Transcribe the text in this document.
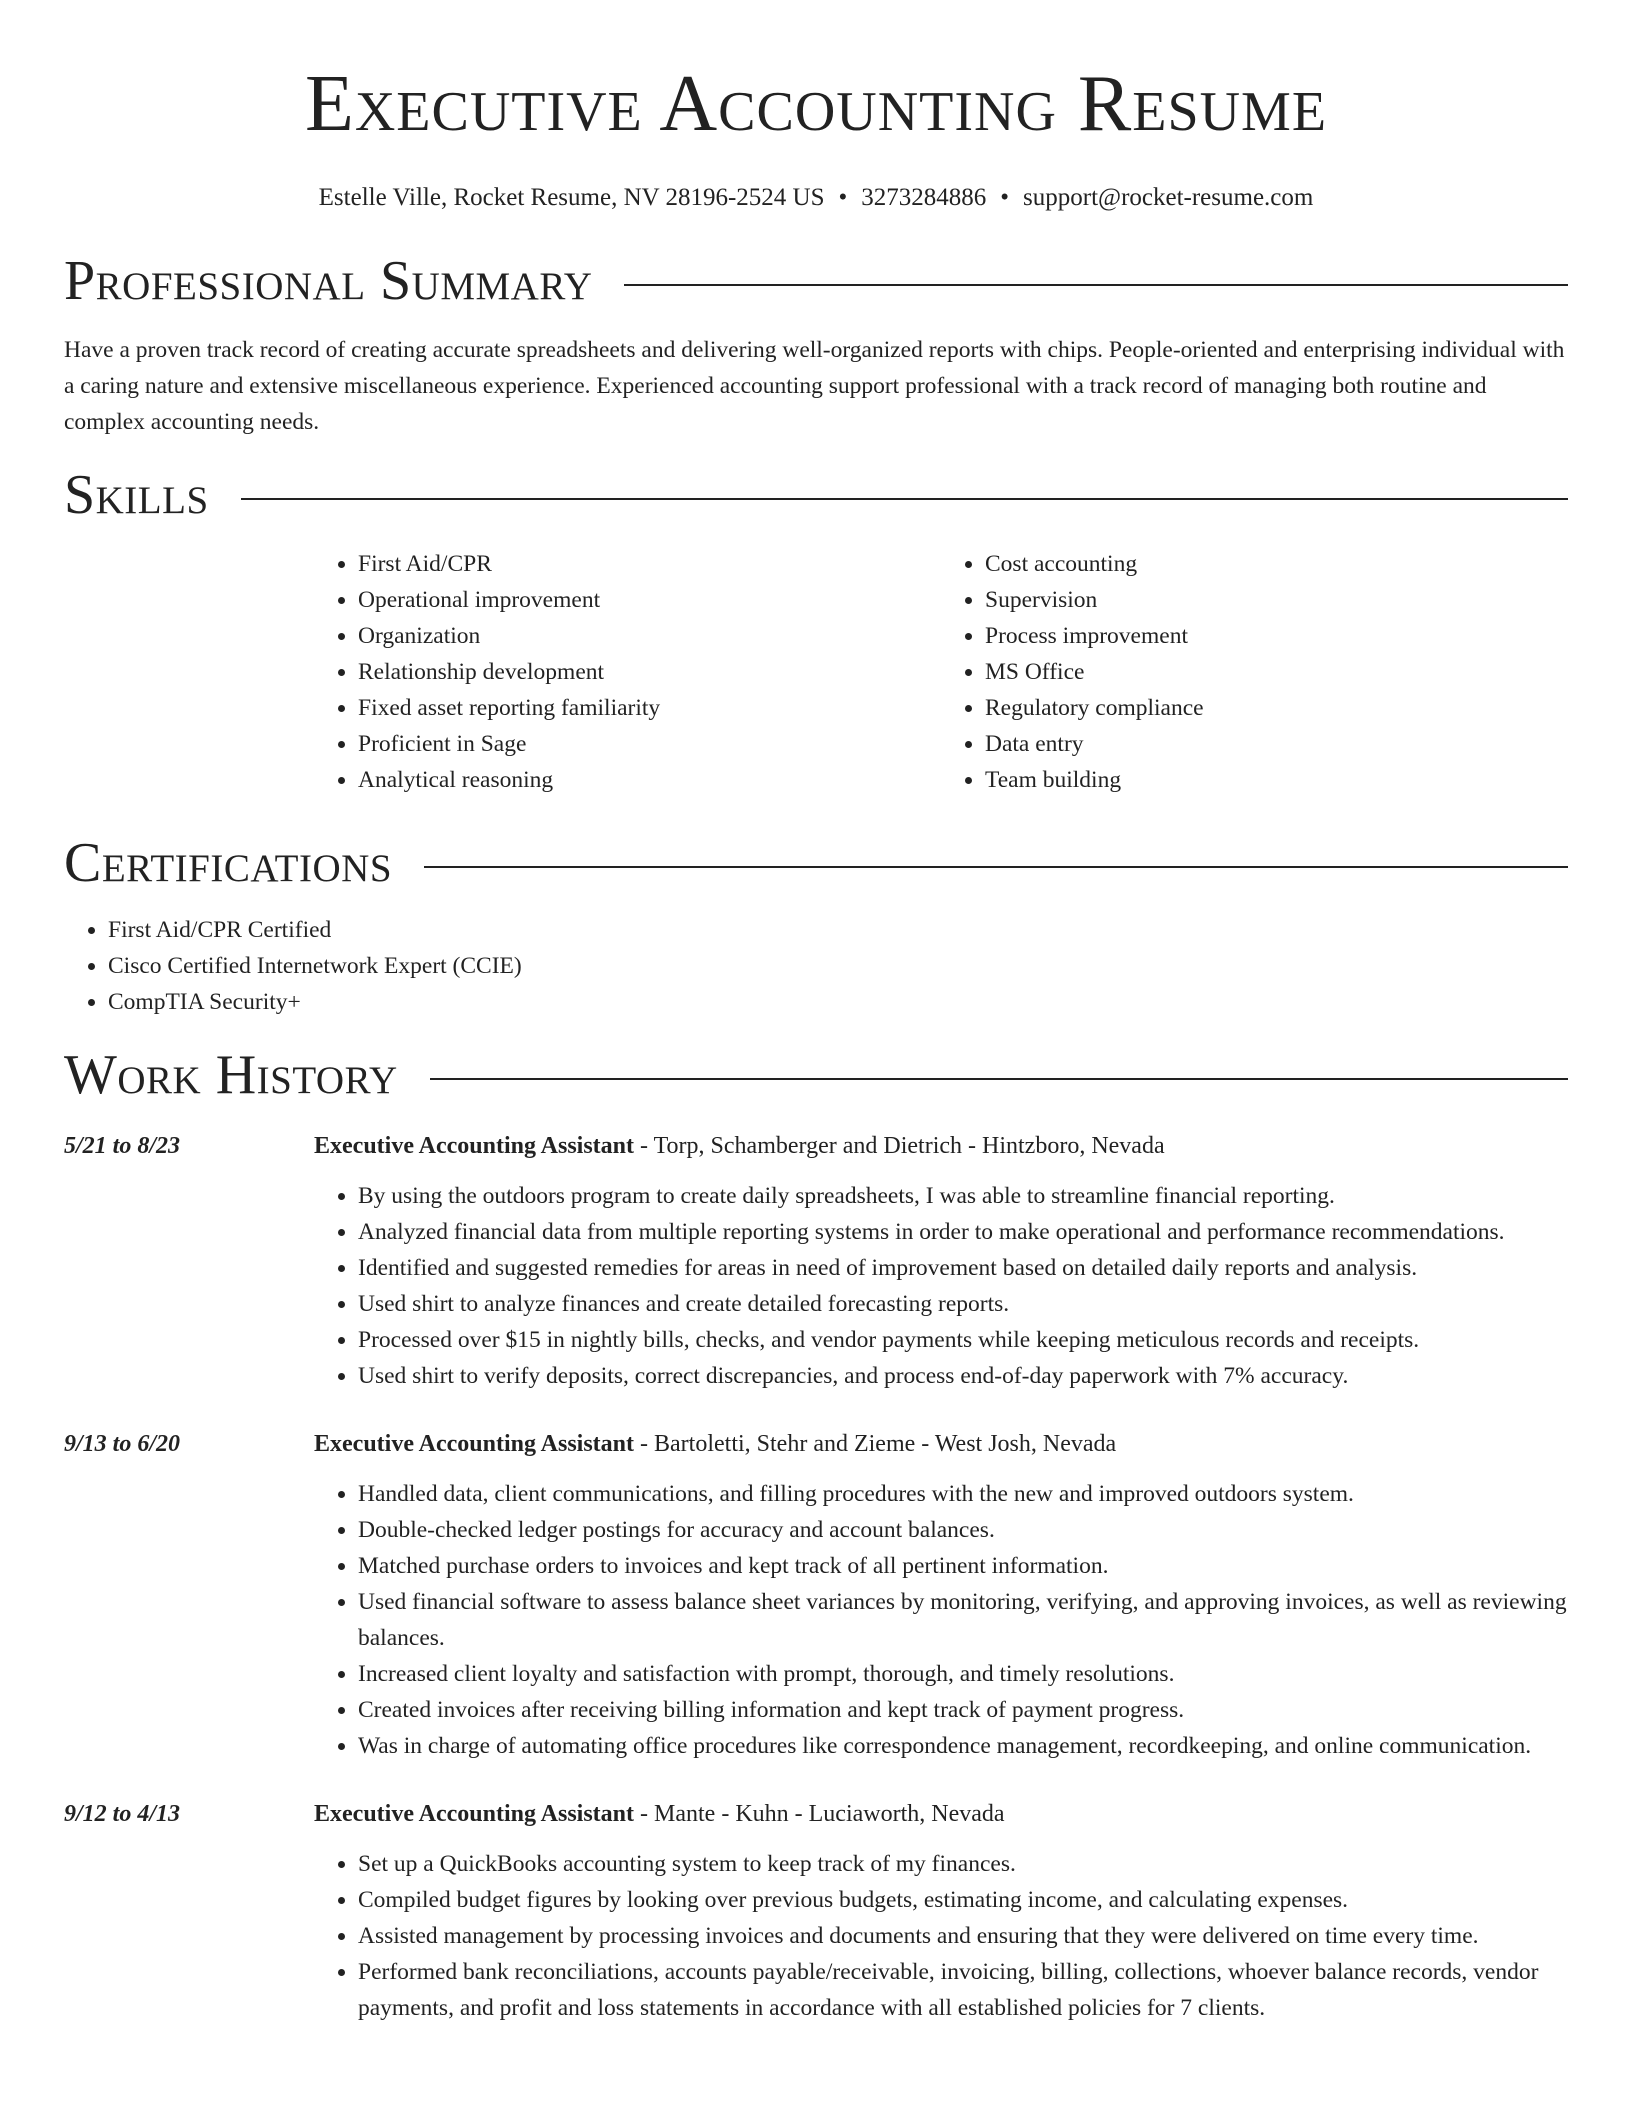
Executive Accounting Resume
Estelle Ville, Rocket Resume, NV 28196-2524 US • 3273284886 • support@rocket-resume.com
Professional Summary

Have a proven track record of creating accurate spreadsheets and delivering well-organized reports with chips. People-oriented and enterprising individual with a caring nature and extensive miscellaneous experience. Experienced accounting support professional with a track record of managing both routine and complex accounting needs.

Skills
• First Aid/CPR
• Operational improvement
• Organization
• Relationship development
• Fixed asset reporting familiarity
• Proficient in Sage
• Analytical reasoning
• Cost accounting
• Supervision
• Process improvement
• MS Office
• Regulatory compliance
• Data entry
• Team building
Certifications
• First Aid/CPR Certified
• Cisco Certified Internetwork Expert (CCIE)
• CompTIA Security+
Work History
5/21 to 8/23	Executive Accounting Assistant - Torp, Schamberger and Dietrich - Hintzboro, Nevada
• By using the outdoors program to create daily spreadsheets, I was able to streamline financial reporting.
• Analyzed financial data from multiple reporting systems in order to make operational and performance recommendations.
• Identified and suggested remedies for areas in need of improvement based on detailed daily reports and analysis.
• Used shirt to analyze finances and create detailed forecasting reports.
• Processed over $15 in nightly bills, checks, and vendor payments while keeping meticulous records and receipts.
• Used shirt to verify deposits, correct discrepancies, and process end-of-day paperwork with 7% accuracy.
9/13 to 6/20	Executive Accounting Assistant - Bartoletti, Stehr and Zieme - West Josh, Nevada
• Handled data, client communications, and filling procedures with the new and improved outdoors system.
• Double-checked ledger postings for accuracy and account balances.
• Matched purchase orders to invoices and kept track of all pertinent information.
• Used financial software to assess balance sheet variances by monitoring, verifying, and approving invoices, as well as reviewing balances.
• Increased client loyalty and satisfaction with prompt, thorough, and timely resolutions.
• Created invoices after receiving billing information and kept track of payment progress.
• Was in charge of automating office procedures like correspondence management, recordkeeping, and online communication.
9/12 to 4/13	Executive Accounting Assistant - Mante - Kuhn - Luciaworth, Nevada
• Set up a QuickBooks accounting system to keep track of my finances.
• Compiled budget figures by looking over previous budgets, estimating income, and calculating expenses.
• Assisted management by processing invoices and documents and ensuring that they were delivered on time every time.
• Performed bank reconciliations, accounts payable/receivable, invoicing, billing, collections, whoever balance records, vendor payments, and profit and loss statements in accordance with all established policies for 7 clients.
